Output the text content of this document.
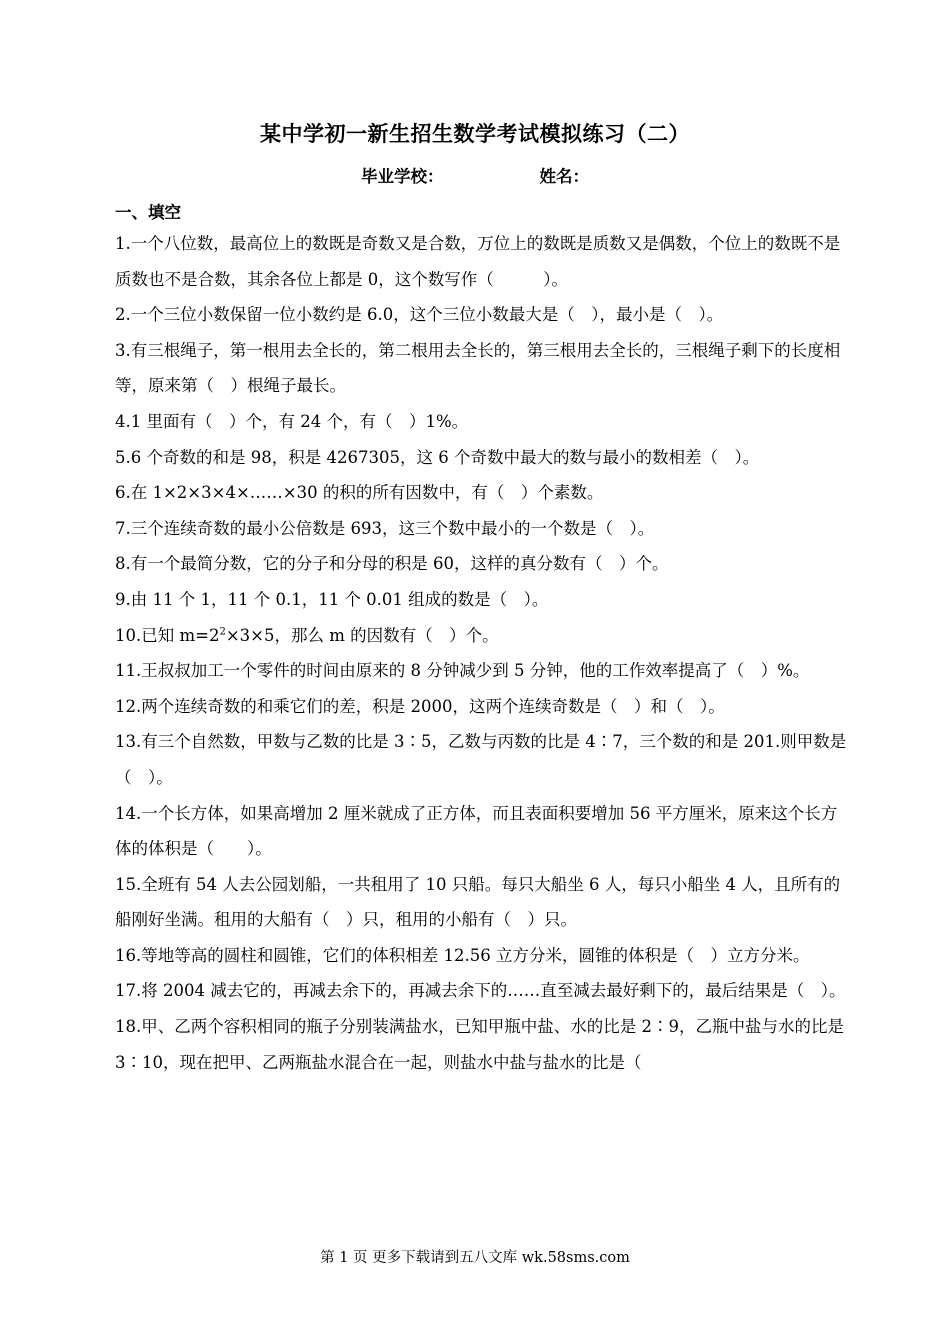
某中学初一新生招生数学考试模拟练习（二）
毕业学校：	姓名：
一、填空

1.一个八位数，最高位上的数既是奇数又是合数，万位上的数既是质数又是偶数，个位上的数既不是质数也不是合数，其余各位上都是 0，这个数写作（　　　）。

2.一个三位小数保留一位小数约是 6.0，这个三位小数最大是（　），最小是（　）。

3.有三根绳子，第一根用去全长的，第二根用去全长的，第三根用去全长的，三根绳子剩下的长度相等，原来第（　）根绳子最长。

4.1 里面有（　）个，有 24 个，有（　）1%。

5.6 个奇数的和是 98，积是 4267305，这 6 个奇数中最大的数与最小的数相差（　）。

6.在 1×2×3×4×……×30 的积的所有因数中，有（　）个素数。

7.三个连续奇数的最小公倍数是 693，这三个数中最小的一个数是（　）。

8.有一个最简分数，它的分子和分母的积是 60，这样的真分数有（　）个。

9.由 11 个 1，11 个 0.1，11 个 0.01 组成的数是（　）。

10.已知 $m=2^2\times 3\times 5$，那么 m 的因数有（　）个。

11.王叔叔加工一个零件的时间由原来的 8 分钟减少到 5 分钟，他的工作效率提高了（　）%。

12.两个连续奇数的和乘它们的差，积是 2000，这两个连续奇数是（　）和（　）。

13.有三个自然数，甲数与乙数的比是 3∶5，乙数与丙数的比是 4∶7，三个数的和是 201.则甲数是（　）。

14.一个长方体，如果高增加 2 厘米就成了正方体，而且表面积要增加 56 平方厘米，原来这个长方体的体积是（　　）。

15.全班有 54 人去公园划船，一共租用了 10 只船。每只大船坐 6 人，每只小船坐 4 人，且所有的船刚好坐满。租用的大船有（　）只，租用的小船有（　）只。

16.等地等高的圆柱和圆锥，它们的体积相差 12.56 立方分米，圆锥的体积是（　）立方分米。

17.将 2004 减去它的，再减去余下的，再减去余下的……直至减去最好剩下的，最后结果是（　）。

18.甲、乙两个容积相同的瓶子分别装满盐水，已知甲瓶中盐、水的比是 2∶9，乙瓶中盐与水的比是 3∶10，现在把甲、乙两瓶盐水混合在一起，则盐水中盐与盐水的比是（

第 1 页 更多下载请到五八文库 wk.58sms.com
